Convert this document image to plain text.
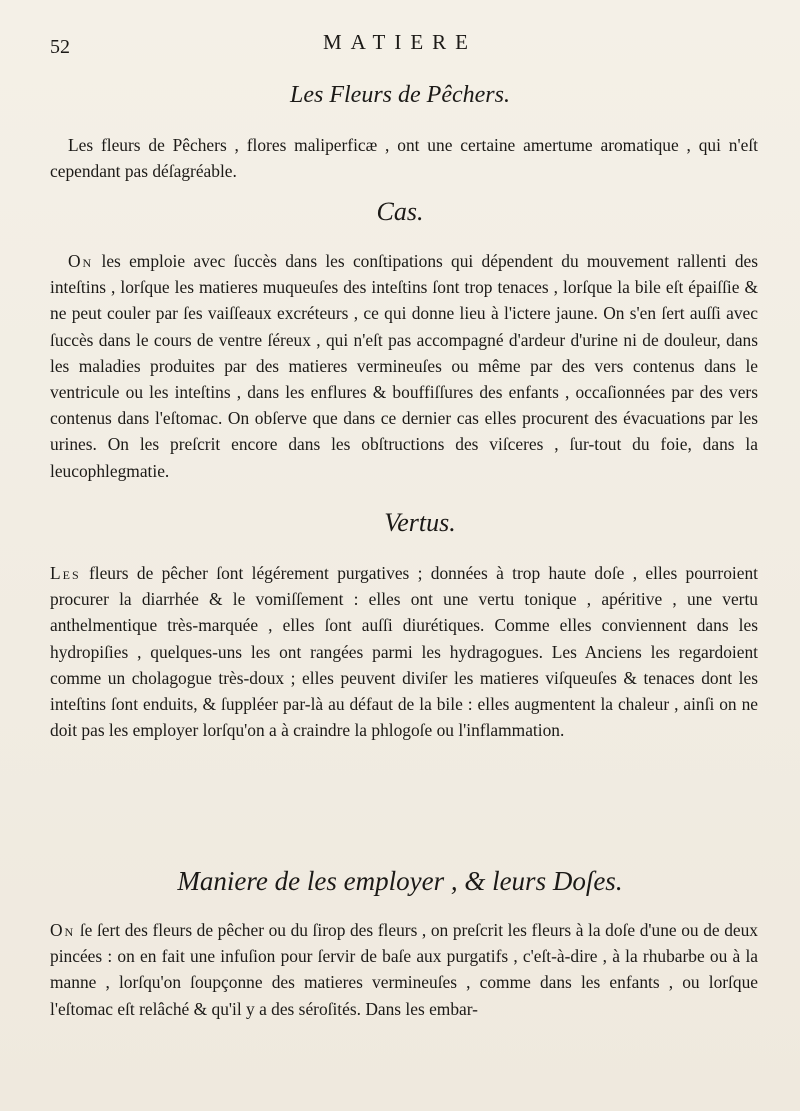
52	MATIERE
Les Fleurs de Pêchers.
Les fleurs de Pêchers , flores maliperficæ , ont une certaine amertume aromatique , qui n'eſt cependant pas déſagréable.
Cas.
On les emploie avec ſuccès dans les conſtipations qui dépendent du mouvement rallenti des inteſtins , lorſque les matieres muqueuſes des inteſtins ſont trop tenaces , lorſque la bile eſt épaiſſie & ne peut couler par ſes vaiſſeaux excréteurs , ce qui donne lieu à l'ictere jaune. On s'en ſert auſſi avec ſuccès dans le cours de ventre ſéreux , qui n'eſt pas accompagné d'ardeur d'urine ni de douleur, dans les maladies produites par des matieres vermineuſes ou même par des vers contenus dans le ventricule ou les inteſtins , dans les enflures & bouffiſſures des enfants , occaſionnées par des vers contenus dans l'eſtomac. On obſerve que dans ce dernier cas elles procurent des évacuations par les urines. On les preſcrit encore dans les obſtructions des viſceres , ſur-tout du foie, dans la leucophlegmatie.
Vertus.
Les fleurs de pêcher ſont légérement purgatives ; données à trop haute doſe , elles pourroient procurer la diarrhée & le vomiſſement : elles ont une vertu tonique , apéritive , une vertu anthelmentique très-marquée , elles ſont auſſi diurétiques. Comme elles conviennent dans les hydropiſies , quelques-uns les ont rangées parmi les hydragogues. Les Anciens les regardoient comme un cholagogue très-doux ; elles peuvent diviſer les matieres viſqueuſes & tenaces dont les inteſtins ſont enduits, & ſuppléer par-là au défaut de la bile : elles augmentent la chaleur , ainſi on ne doit pas les employer lorſqu'on a à craindre la phlogoſe ou l'inflammation.
Maniere de les employer , & leurs Doſes.
On ſe ſert des fleurs de pêcher ou du ſirop des fleurs , on preſcrit les fleurs à la doſe d'une ou de deux pincées : on en fait une infuſion pour ſervir de baſe aux purgatifs , c'eſt-à-dire , à la rhubarbe ou à la manne , lorſqu'on ſoupçonne des matieres vermineuſes , comme dans les enfants , ou lorſque l'eſtomac eſt relâché & qu'il y a des séroſités. Dans les embar-
